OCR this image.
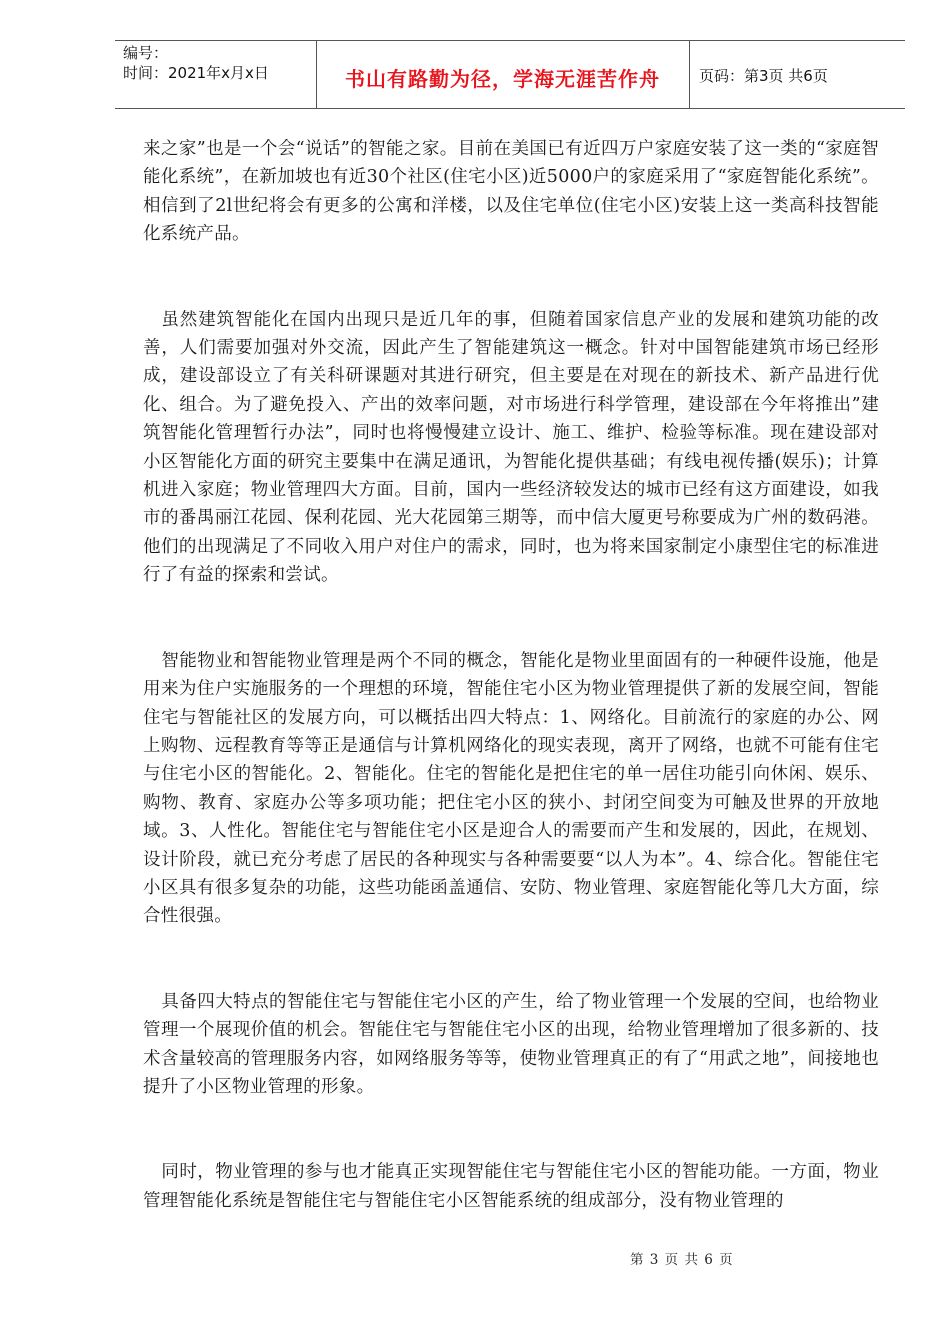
编号：
时间：2021年x月x日	书山有路勤为径，学海无涯苦作舟	页码：第3页 共6页

来之家”也是一个会“说话”的智能之家。目前在美国已有近四万户家庭安装了这一类的“家庭智能化系统”，在新加坡也有近30个社区(住宅小区)近5000户的家庭采用了“家庭智能化系统”。相信到了2l世纪将会有更多的公寓和洋楼，以及住宅单位(住宅小区)安装上这一类高科技智能化系统产品。

虽然建筑智能化在国内出现只是近几年的事，但随着国家信息产业的发展和建筑功能的改善，人们需要加强对外交流，因此产生了智能建筑这一概念。针对中国智能建筑市场已经形成，建设部设立了有关科研课题对其进行研究，但主要是在对现在的新技术、新产品进行优化、组合。为了避免投入、产出的效率问题，对市场进行科学管理，建设部在今年将推出”建筑智能化管理暂行办法”，同时也将慢慢建立设计、施工、维护、检验等标准。现在建设部对小区智能化方面的研究主要集中在满足通讯，为智能化提供基础；有线电视传播(娱乐)；计算机进入家庭；物业管理四大方面。目前，国内一些经济较发达的城市已经有这方面建设，如我市的番禺丽江花园、保利花园、光大花园第三期等，而中信大厦更号称要成为广州的数码港。他们的出现满足了不同收入用户对住户的需求，同时，也为将来国家制定小康型住宅的标准进行了有益的探索和尝试。

智能物业和智能物业管理是两个不同的概念，智能化是物业里面固有的一种硬件设施，他是用来为住户实施服务的一个理想的环境，智能住宅小区为物业管理提供了新的发展空间，智能住宅与智能社区的发展方向，可以概括出四大特点：1、网络化。目前流行的家庭的办公、网上购物、远程教育等等正是通信与计算机网络化的现实表现，离开了网络，也就不可能有住宅与住宅小区的智能化。2、智能化。住宅的智能化是把住宅的单一居住功能引向休闲、娱乐、购物、教育、家庭办公等多项功能；把住宅小区的狭小、封闭空间变为可触及世界的开放地域。3、人性化。智能住宅与智能住宅小区是迎合人的需要而产生和发展的，因此，在规划、设计阶段，就已充分考虑了居民的各种现实与各种需要要“以人为本”。4、综合化。智能住宅小区具有很多复杂的功能，这些功能函盖通信、安防、物业管理、家庭智能化等几大方面，综合性很强。

具备四大特点的智能住宅与智能住宅小区的产生，给了物业管理一个发展的空间，也给物业管理一个展现价值的机会。智能住宅与智能住宅小区的出现，给物业管理增加了很多新的、技术含量较高的管理服务内容，如网络服务等等，使物业管理真正的有了“用武之地”，间接地也提升了小区物业管理的形象。

同时，物业管理的参与也才能真正实现智能住宅与智能住宅小区的智能功能。一方面，物业管理智能化系统是智能住宅与智能住宅小区智能系统的组成部分，没有物业管理的

第 3 页 共 6 页
